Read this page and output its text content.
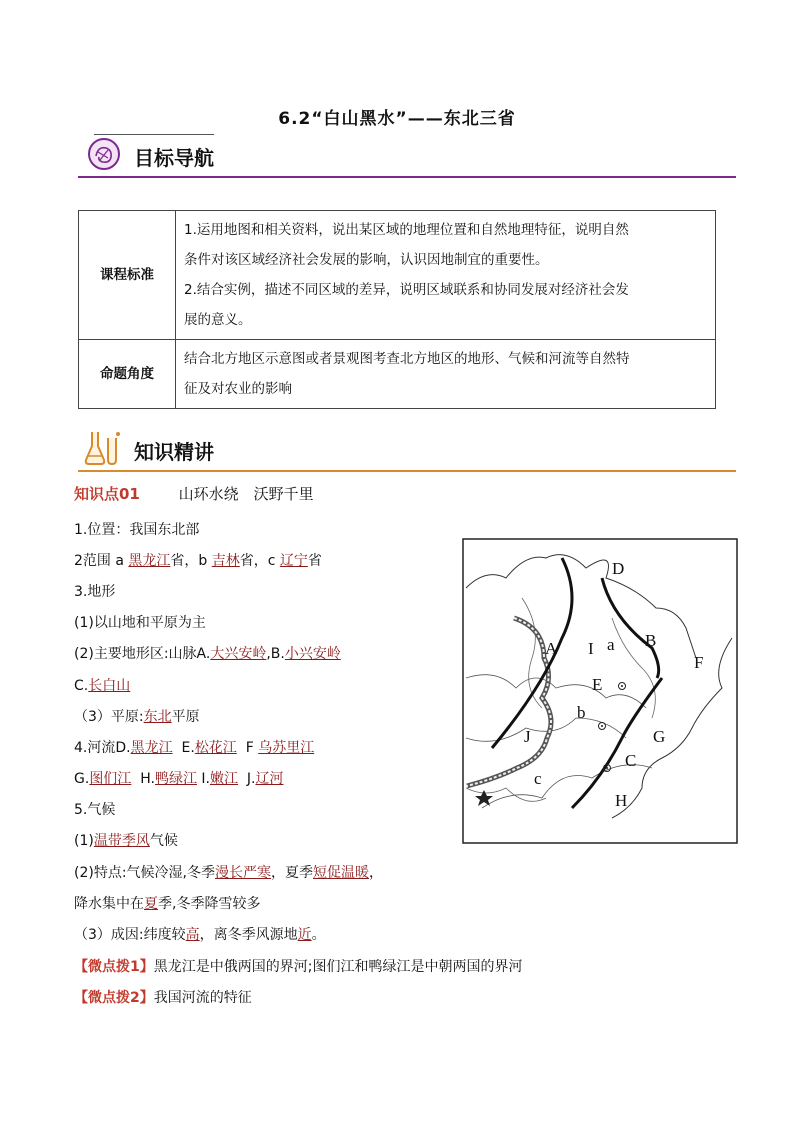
6.2“白山黑水”——东北三省
目标导航
课程标准	1.运用地图和相关资料，说出某区域的地理位置和自然地理特征，说明自然
条件对该区域经济社会发展的影响，认识因地制宜的重要性。
2.结合实例，描述不同区域的差异，说明区域联系和协同发展对经济社会发
展的意义。

命题角度	结合北方地区示意图或者景观图考查北方地区的地形、气候和河流等自然特
征及对农业的影响
知识精讲
知识点01	山环水绕　沃野千里
1.位置：我国东北部
2范围 a 黑龙江省，b 吉林省，c 辽宁省
3.地形
(1)以山地和平原为主
(2)主要地形区:山脉A.大兴安岭,B.小兴安岭
C.长白山
（3）平原:东北平原
4.河流D.黑龙江  E.松花江  F 乌苏里江
G.图们江  H.鸭绿江 I.嫩江  J.辽河
5.气候
(1)温带季风气候
(2)特点:气候冷湿,冬季漫长严寒，夏季短促温暖，
降水集中在夏季,冬季降雪较多
（3）成因:纬度较高，离冬季风源地近。
【微点拨1】黑龙江是中俄两国的界河;图们江和鸭绿江是中朝两国的界河
【微点拨2】我国河流的特征
D
B
A I a
F
E
b
J	G
C
c
H
